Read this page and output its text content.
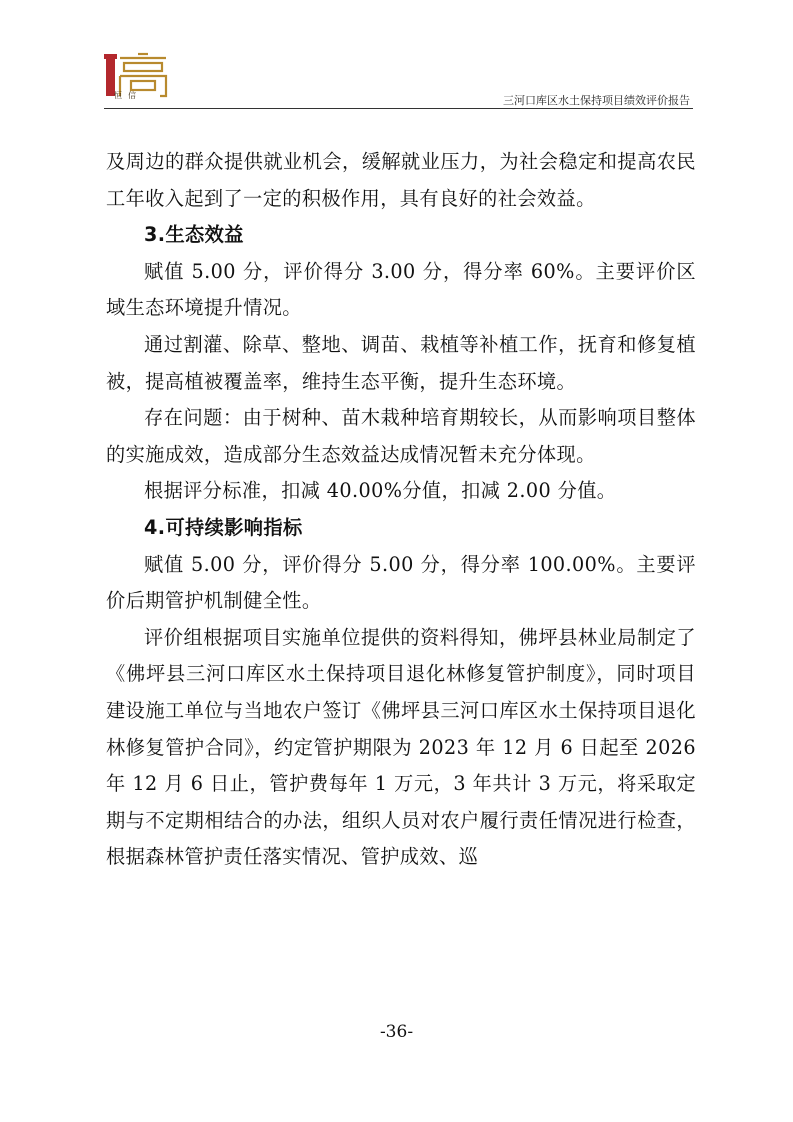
恒信	三河口库区水土保持项目绩效评价报告

及周边的群众提供就业机会，缓解就业压力，为社会稳定和提高农民工年收入起到了一定的积极作用，具有良好的社会效益。

3.生态效益

赋值 5.00 分，评价得分 3.00 分，得分率 60%。主要评价区域生态环境提升情况。

通过割灌、除草、整地、调苗、栽植等补植工作，抚育和修复植被，提高植被覆盖率，维持生态平衡，提升生态环境。

存在问题：由于树种、苗木栽种培育期较长，从而影响项目整体的实施成效，造成部分生态效益达成情况暂未充分体现。

根据评分标准，扣减 40.00%分值，扣减 2.00 分值。

4.可持续影响指标

赋值 5.00 分，评价得分 5.00 分，得分率 100.00%。主要评价后期管护机制健全性。

评价组根据项目实施单位提供的资料得知，佛坪县林业局制定了《佛坪县三河口库区水土保持项目退化林修复管护制度》，同时项目建设施工单位与当地农户签订《佛坪县三河口库区水土保持项目退化林修复管护合同》，约定管护期限为 2023 年 12 月 6 日起至 2026 年 12 月 6 日止，管护费每年 1 万元，3 年共计 3 万元，将采取定期与不定期相结合的办法，组织人员对农户履行责任情况进行检查，根据森林管护责任落实情况、管护成效、巡

-36-
